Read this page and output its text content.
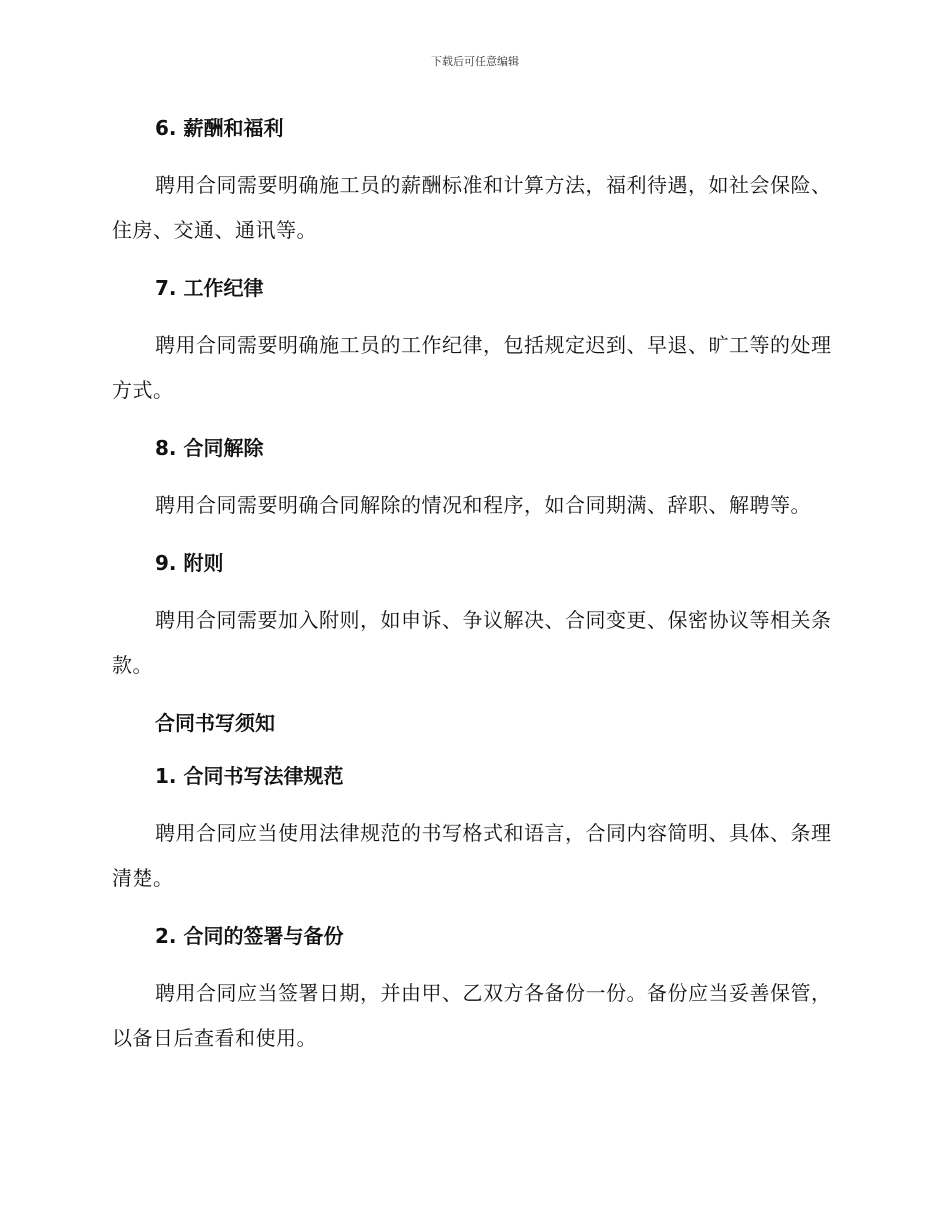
下载后可任意编辑
6. 薪酬和福利
聘用合同需要明确施工员的薪酬标准和计算方法，福利待遇，如社会保险、住房、交通、通讯等。
7. 工作纪律
聘用合同需要明确施工员的工作纪律，包括规定迟到、早退、旷工等的处理方式。
8. 合同解除
聘用合同需要明确合同解除的情况和程序，如合同期满、辞职、解聘等。
9. 附则
聘用合同需要加入附则，如申诉、争议解决、合同变更、保密协议等相关条款。
合同书写须知
1. 合同书写法律规范
聘用合同应当使用法律规范的书写格式和语言，合同内容简明、具体、条理清楚。
2. 合同的签署与备份
聘用合同应当签署日期，并由甲、乙双方各备份一份。备份应当妥善保管，以备日后查看和使用。
